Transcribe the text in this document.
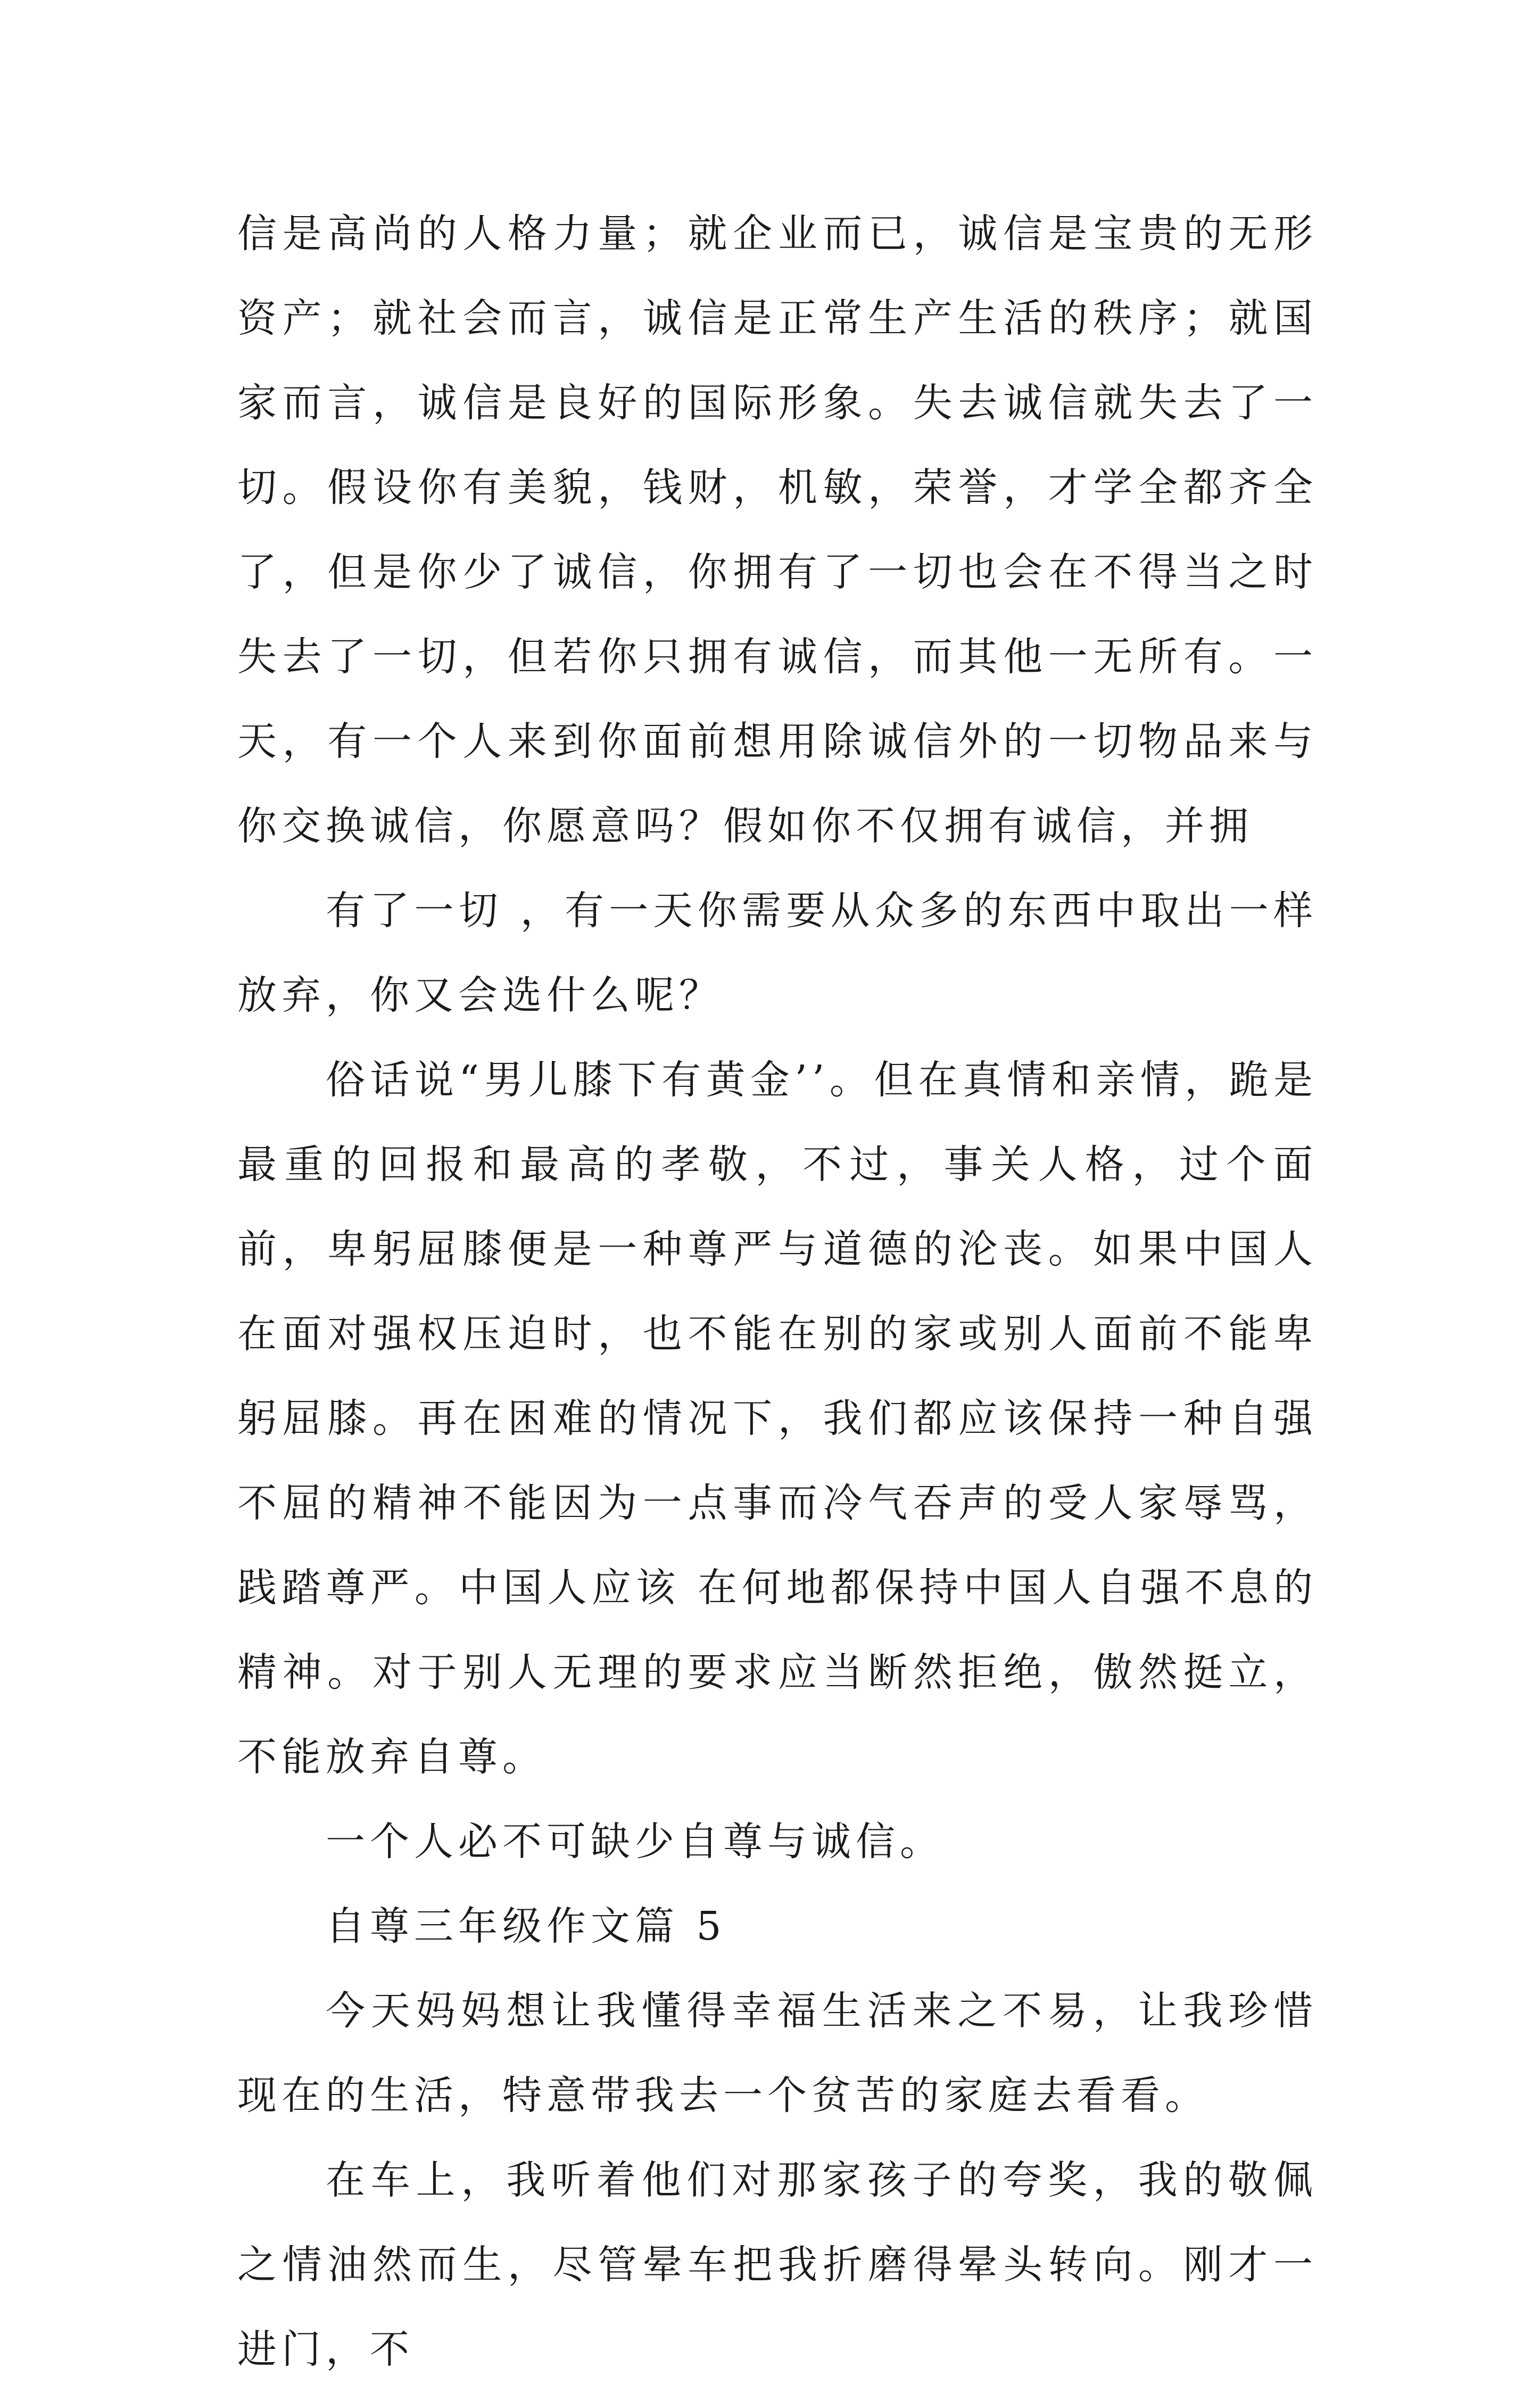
信是高尚的人格力量；就企业而已，诚信是宝贵的无形资产；就社会而言，诚信是正常生产生活的秩序；就国家而言，诚信是良好的国际形象。失去诚信就失去了一切。假设你有美貌，钱财，机敏，荣誉，才学全都齐全了，但是你少了诚信，你拥有了一切也会在不得当之时失去了一切，但若你只拥有诚信，而其他一无所有。一天，有一个人来到你面前想用除诚信外的一切物品来与你交换诚信，你愿意吗？假如你不仅拥有诚信，并拥

有了一切 ，有一天你需要从众多的东西中取出一样放弃，你又会选什么呢？

俗话说“男儿膝下有黄金’’。但在真情和亲情，跪是最重的回报和最高的孝敬，不过，事关人格，过个面前，卑躬屈膝便是一种尊严与道德的沦丧。如果中国人在面对强权压迫时，也不能在别的家或别人面前不能卑躬屈膝。再在困难的情况下，我们都应该保持一种自强不屈的精神不能因为一点事而冷气吞声的受人家辱骂，践踏尊严。中国人应该 在何地都保持中国人自强不息的精神。对于别人无理的要求应当断然拒绝，傲然挺立，不能放弃自尊。

一个人必不可缺少自尊与诚信。

自尊三年级作文篇 5

今天妈妈想让我懂得幸福生活来之不易，让我珍惜现在的生活，特意带我去一个贫苦的家庭去看看。

在车上，我听着他们对那家孩子的夸奖，我的敬佩之情油然而生，尽管晕车把我折磨得晕头转向。刚才一进门，不
